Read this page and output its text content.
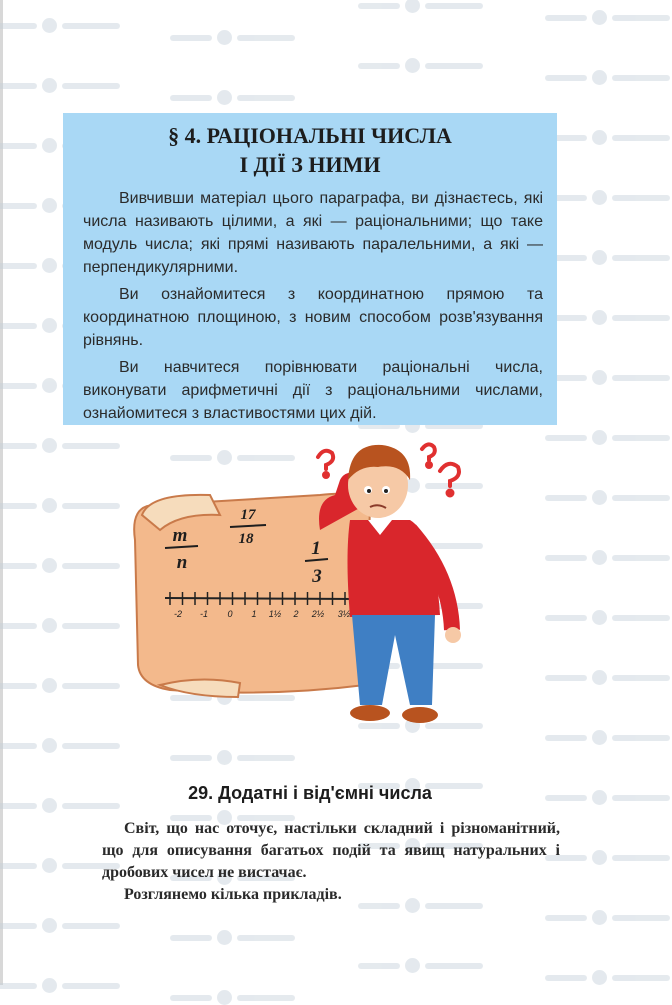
§ 4. РАЦІОНАЛЬНІ ЧИСЛА
І ДІЇ З НИМИ

Вивчивши матеріал цього параграфа, ви дізнаєтесь, які числа називають цілими, а які — раціональними; що таке модуль числа; які прямі називають паралельними, а які — перпендикулярними.

Ви ознайомитеся з координатною прямою та координатною площиною, з новим способом розв'язування рівнянь.

Ви навчитеся порівнювати раціональні числа, виконувати арифметичні дії з раціональними числами, ознайомитеся з властивостями цих дій.

m
n
17
18	1
3
-2 -1 0 1 1½ 2 2½ 3½
29. Додатні і від'ємні числа

Світ, що нас оточує, настільки складний і різноманітний, що для описування багатьох подій та явищ натуральних і дробових чисел не вистачає.

Розглянемо кілька прикладів.
